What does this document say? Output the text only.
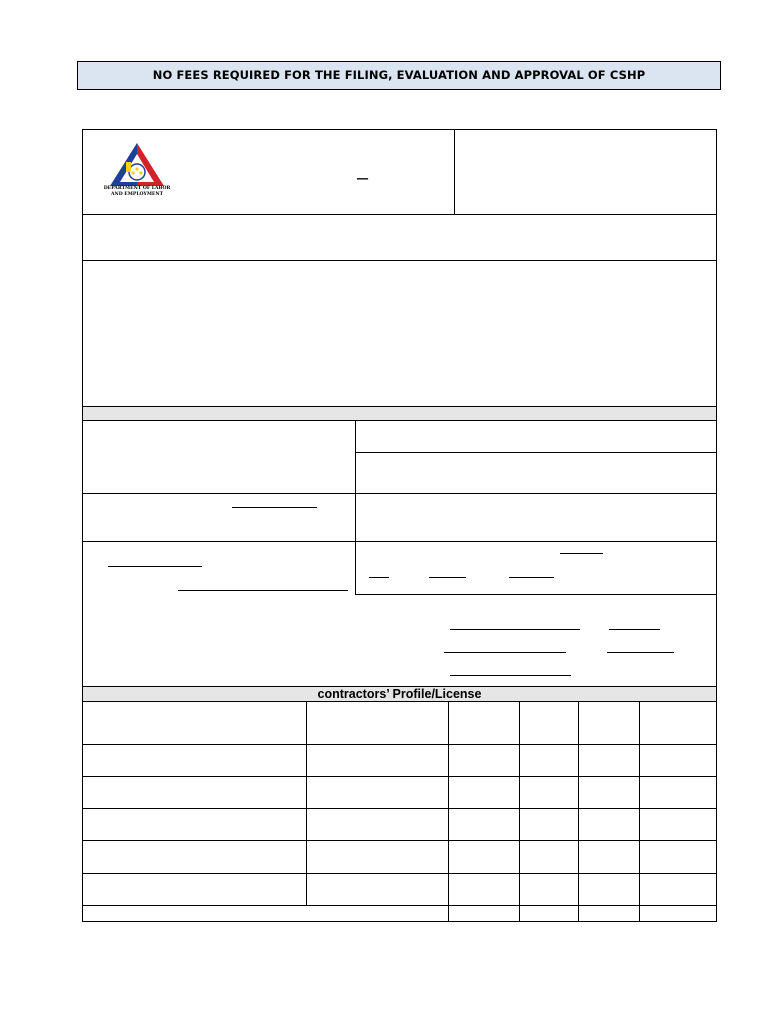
NO FEES REQUIRED FOR THE FILING, EVALUATION AND APPROVAL OF CSHP
DEPARTMENT OF LABOR
AND EMPLOYMENT
–
contractors’ Profile/License
